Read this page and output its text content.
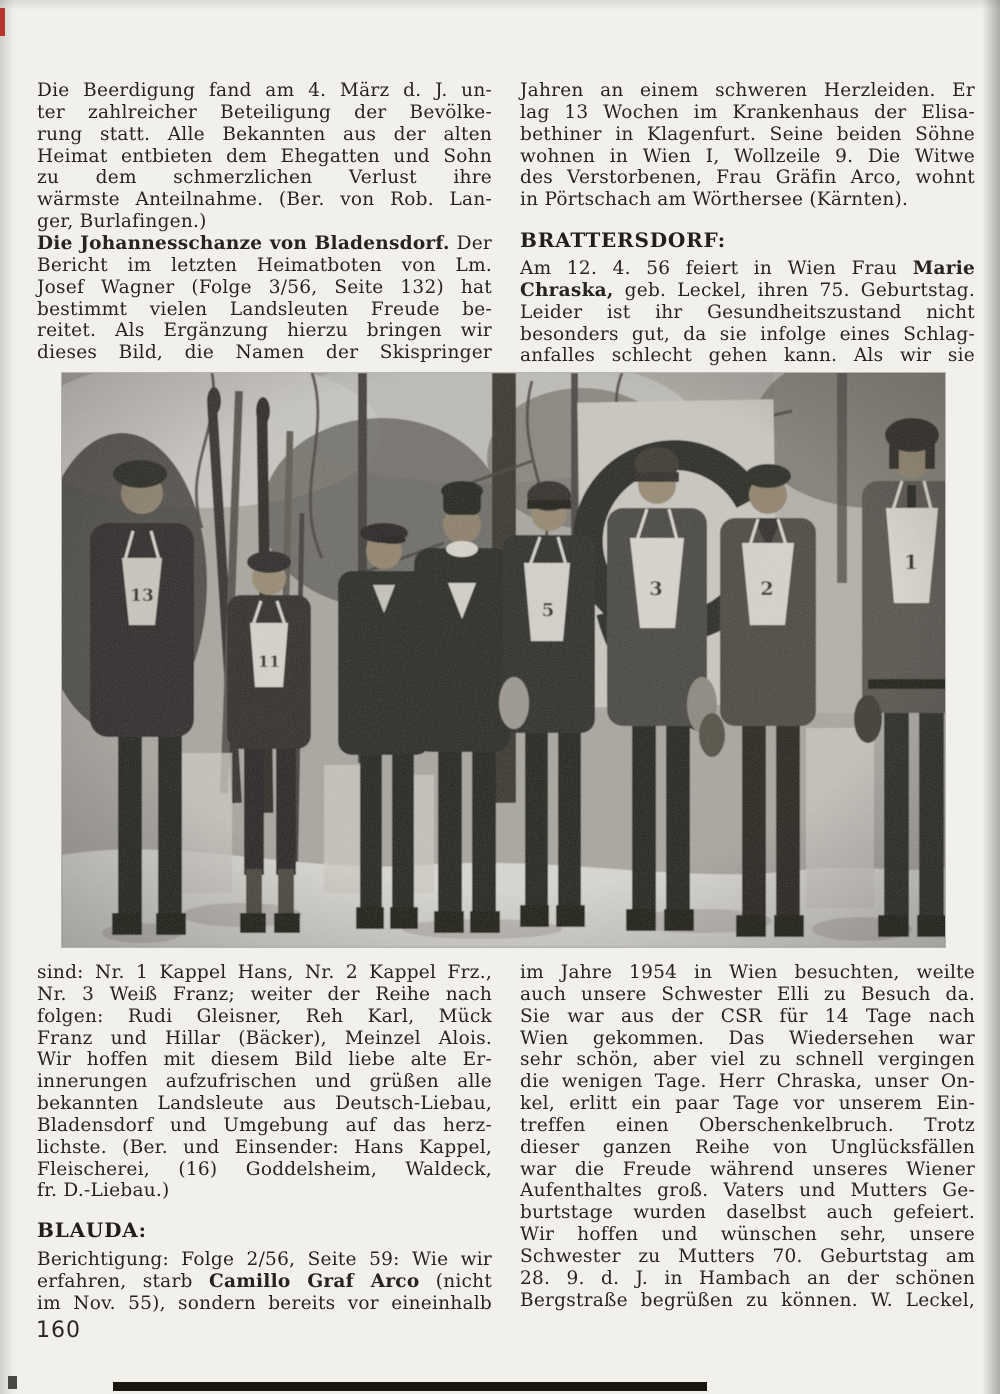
Die Beerdigung fand am 4. März d. J. un-
ter zahlreicher Beteiligung der Bevölke-
rung statt. Alle Bekannten aus der alten
Heimat entbieten dem Ehegatten und Sohn
zu dem schmerzlichen Verlust ihre
wärmste Anteilnahme. (Ber. von Rob. Lan-
ger, Burlafingen.)
Die Johannesschanze von Bladensdorf. Der
Bericht im letzten Heimatboten von Lm.
Josef Wagner (Folge 3/56, Seite 132) hat
bestimmt vielen Landsleuten Freude be-
reitet. Als Ergänzung hierzu bringen wir
dieses Bild, die Namen der Skispringer
Jahren an einem schweren Herzleiden. Er
lag 13 Wochen im Krankenhaus der Elisa-
bethiner in Klagenfurt. Seine beiden Söhne
wohnen in Wien I, Wollzeile 9. Die Witwe
des Verstorbenen, Frau Gräfin Arco, wohnt
in Pörtschach am Wörthersee (Kärnten).
BRATTERSDORF:
Am 12. 4. 56 feiert in Wien Frau Marie
Chraska, geb. Leckel, ihren 75. Geburtstag.
Leider ist ihr Gesundheitszustand nicht
besonders gut, da sie infolge eines Schlag-
anfalles schlecht gehen kann. Als wir sie
sind: Nr. 1 Kappel Hans, Nr. 2 Kappel Frz.,
Nr. 3 Weiß Franz; weiter der Reihe nach
folgen: Rudi Gleisner, Reh Karl, Mück
Franz und Hillar (Bäcker), Meinzel Alois.
Wir hoffen mit diesem Bild liebe alte Er-
innerungen aufzufrischen und grüßen alle
bekannten Landsleute aus Deutsch-Liebau,
Bladensdorf und Umgebung auf das herz-
lichste. (Ber. und Einsender: Hans Kappel,
Fleischerei, (16) Goddelsheim, Waldeck,
fr. D.-Liebau.)
BLAUDA:
Berichtigung: Folge 2/56, Seite 59: Wie wir
erfahren, starb Camillo Graf Arco (nicht
im Nov. 55), sondern bereits vor eineinhalb
im Jahre 1954 in Wien besuchten, weilte
auch unsere Schwester Elli zu Besuch da.
Sie war aus der CSR für 14 Tage nach
Wien gekommen. Das Wiedersehen war
sehr schön, aber viel zu schnell vergingen
die wenigen Tage. Herr Chraska, unser On-
kel, erlitt ein paar Tage vor unserem Ein-
treffen einen Oberschenkelbruch. Trotz
dieser ganzen Reihe von Unglücksfällen
war die Freude während unseres Wiener
Aufenthaltes groß. Vaters und Mutters Ge-
burtstage wurden daselbst auch gefeiert.
Wir hoffen und wünschen sehr, unsere
Schwester zu Mutters 70. Geburtstag am
28. 9. d. J. in Hambach an der schönen
Bergstraße begrüßen zu können. W. Leckel,
160
